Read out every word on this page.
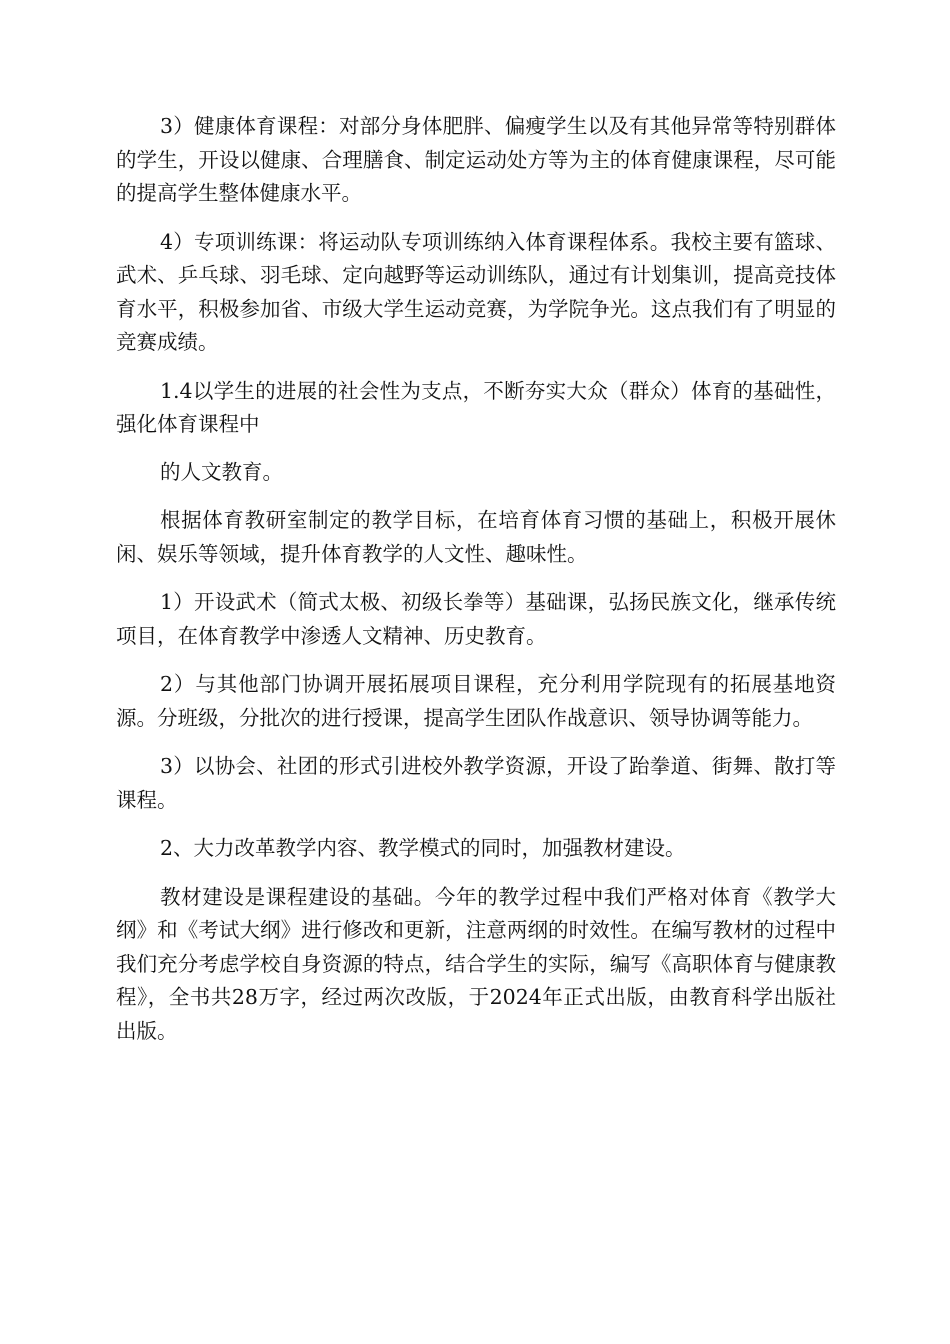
3）健康体育课程：对部分身体肥胖、偏瘦学生以及有其他异常等特别群体的学生，开设以健康、合理膳食、制定运动处方等为主的体育健康课程，尽可能的提高学生整体健康水平。

4）专项训练课：将运动队专项训练纳入体育课程体系。我校主要有篮球、武术、乒乓球、羽毛球、定向越野等运动训练队，通过有计划集训，提高竞技体育水平，积极参加省、市级大学生运动竞赛，为学院争光。这点我们有了明显的竞赛成绩。

1.4以学生的进展的社会性为支点，不断夯实大众（群众）体育的基础性，强化体育课程中

的人文教育。

根据体育教研室制定的教学目标，在培育体育习惯的基础上，积极开展休闲、娱乐等领域，提升体育教学的人文性、趣味性。

1）开设武术（简式太极、初级长拳等）基础课，弘扬民族文化，继承传统项目，在体育教学中渗透人文精神、历史教育。

2）与其他部门协调开展拓展项目课程，充分利用学院现有的拓展基地资源。分班级，分批次的进行授课，提高学生团队作战意识、领导协调等能力。

3）以协会、社团的形式引进校外教学资源，开设了跆拳道、街舞、散打等课程。

2、大力改革教学内容、教学模式的同时，加强教材建设。

教材建设是课程建设的基础。今年的教学过程中我们严格对体育《教学大纲》和《考试大纲》进行修改和更新，注意两纲的时效性。在编写教材的过程中我们充分考虑学校自身资源的特点，结合学生的实际，编写《高职体育与健康教程》，全书共28万字，经过两次改版，于2024年正式出版，由教育科学出版社出版。
